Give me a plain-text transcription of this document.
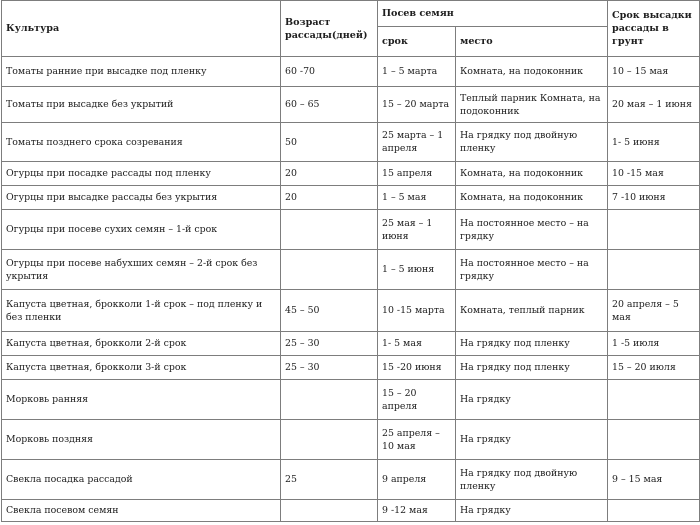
Культура	Возраст рассады(дней)	Посев семян		Срок высадки рассады в грунт
		срок	место	
Томаты ранние при высадке под пленку	60 -70	1 – 5 марта	Комната, на подоконник	10 – 15 мая
Томаты при высадке без укрытий	60 – 65	15 – 20 марта	Теплый парник Комната, на подоконник	20 мая – 1 июня
Томаты позднего срока созревания	50	25 марта – 1 апреля	На грядку под двойную пленку	1- 5 июня
Огурцы при посадке рассады под пленку	20	15 апреля	Комната, на подоконник	10 -15 мая
Огурцы при высадке рассады без укрытия	20	1 – 5 мая	Комната, на подоконник	7 -10 июня
Огурцы при посеве сухих семян – 1-й срок		25 мая – 1 июня	На постоянное место – на грядку	
Огурцы при посеве набухших семян – 2-й срок без укрытия		1 – 5 июня	На постоянное место – на грядку	
Капуста цветная, брокколи 1-й срок – под пленку и без пленки	45 – 50	10 -15 марта	Комната, теплый парник	20 апреля – 5 мая
Капуста цветная, брокколи 2-й срок	25 – 30	1- 5 мая	На грядку под пленку	1 -5 июля
Капуста цветная, брокколи 3-й срок	25 – 30	15 -20 июня	На грядку под пленку	15 – 20 июля
Морковь ранняя		15 – 20 апреля	На грядку	
Морковь поздняя		25 апреля – 10 мая	На грядку	
Свекла посадка рассадой	25	9 апреля	На грядку под двойную пленку	9 – 15 мая
Свекла посевом семян		9 -12 мая	На грядку	
